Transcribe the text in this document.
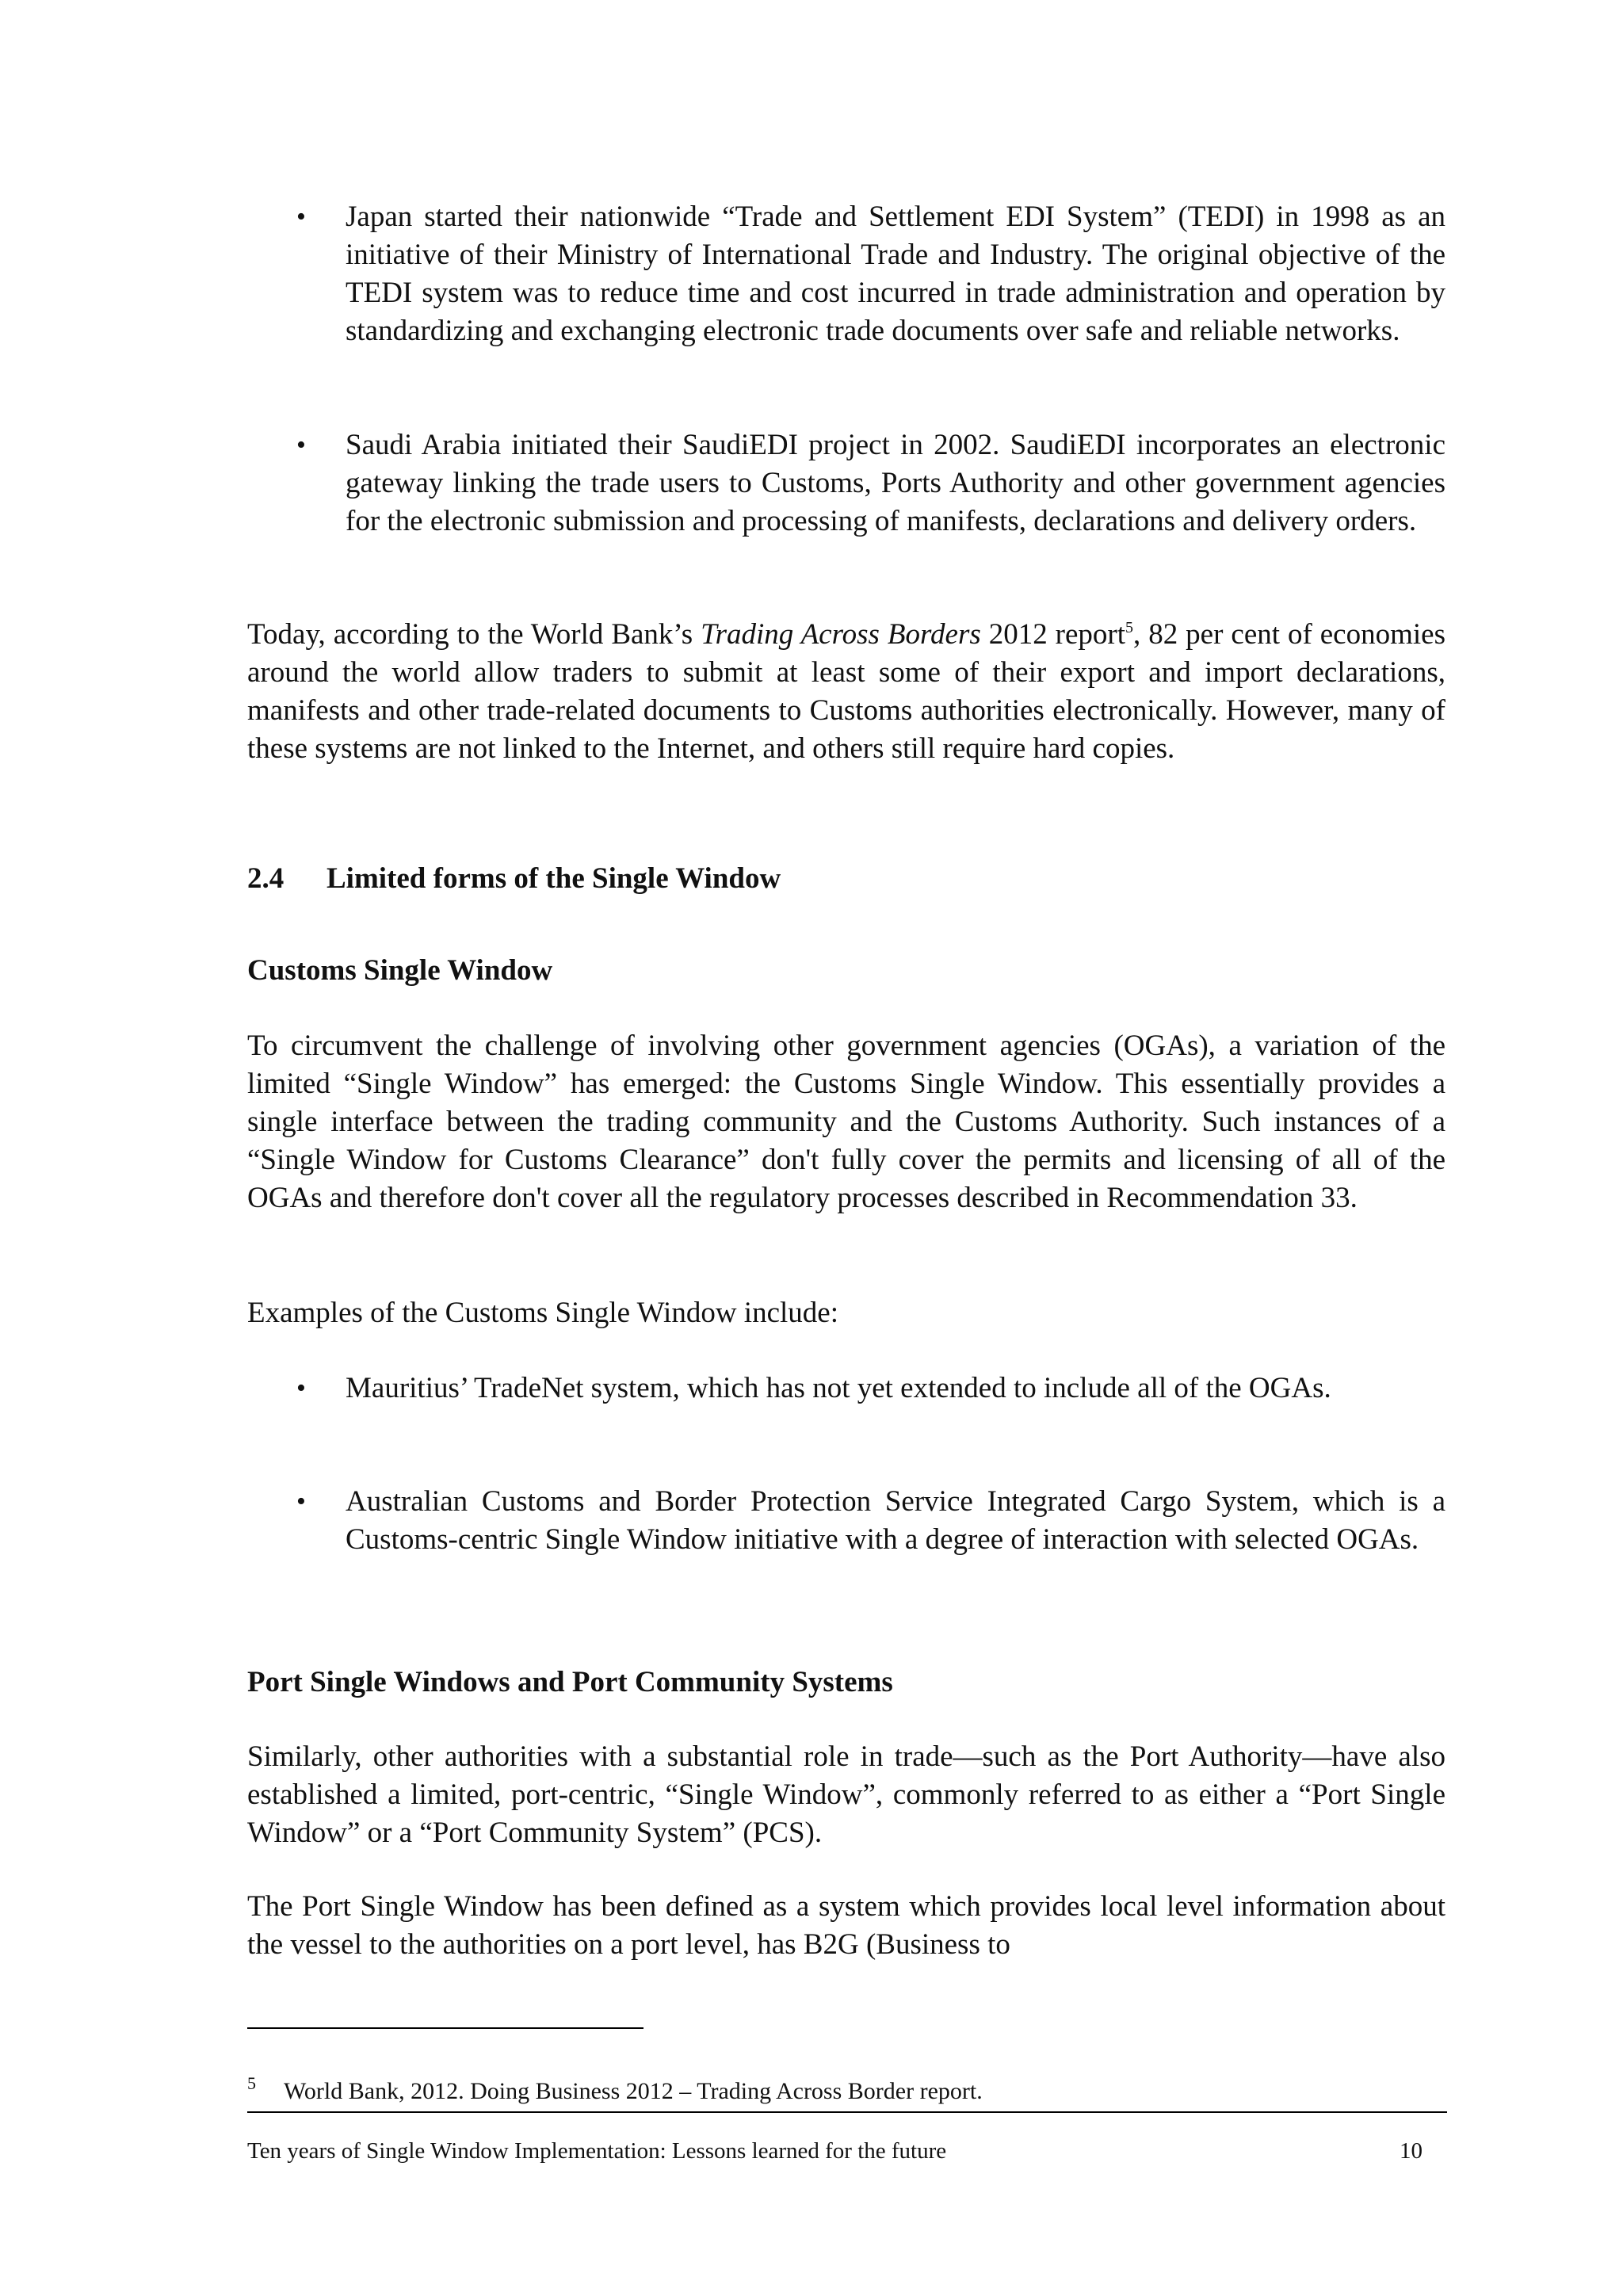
• Japan started their nationwide “Trade and Settlement EDI System” (TEDI) in 1998 as an initiative of their Ministry of International Trade and Industry. The original objective of the TEDI system was to reduce time and cost incurred in trade administration and operation by standardizing and exchanging electronic trade documents over safe and reliable networks.
• Saudi Arabia initiated their SaudiEDI project in 2002. SaudiEDI incorporates an electronic gateway linking the trade users to Customs, Ports Authority and other government agencies for the electronic submission and processing of manifests, declarations and delivery orders.
Today, according to the World Bank’s Trading Across Borders 2012 report$^5$, 82 per cent of economies around the world allow traders to submit at least some of their export and import declarations, manifests and other trade-related documents to Customs authorities electronically. However, many of these systems are not linked to the Internet, and others still require hard copies.
2.4 Limited forms of the Single Window
Customs Single Window
To circumvent the challenge of involving other government agencies (OGAs), a variation of the limited “Single Window” has emerged: the Customs Single Window. This essentially provides a single interface between the trading community and the Customs Authority. Such instances of a “Single Window for Customs Clearance” don't fully cover the permits and licensing of all of the OGAs and therefore don't cover all the regulatory processes described in Recommendation 33.
Examples of the Customs Single Window include:
• Mauritius’ TradeNet system, which has not yet extended to include all of the OGAs.
• Australian Customs and Border Protection Service Integrated Cargo System, which is a Customs-centric Single Window initiative with a degree of interaction with selected OGAs.
Port Single Windows and Port Community Systems
Similarly, other authorities with a substantial role in trade—such as the Port Authority—have also established a limited, port-centric, “Single Window”, commonly referred to as either a “Port Single Window” or a “Port Community System” (PCS).
The Port Single Window has been defined as a system which provides local level information about the vessel to the authorities on a port level, has B2G (Business to
5 World Bank, 2012. Doing Business 2012 – Trading Across Border report.
Ten years of Single Window Implementation: Lessons learned for the future	10
